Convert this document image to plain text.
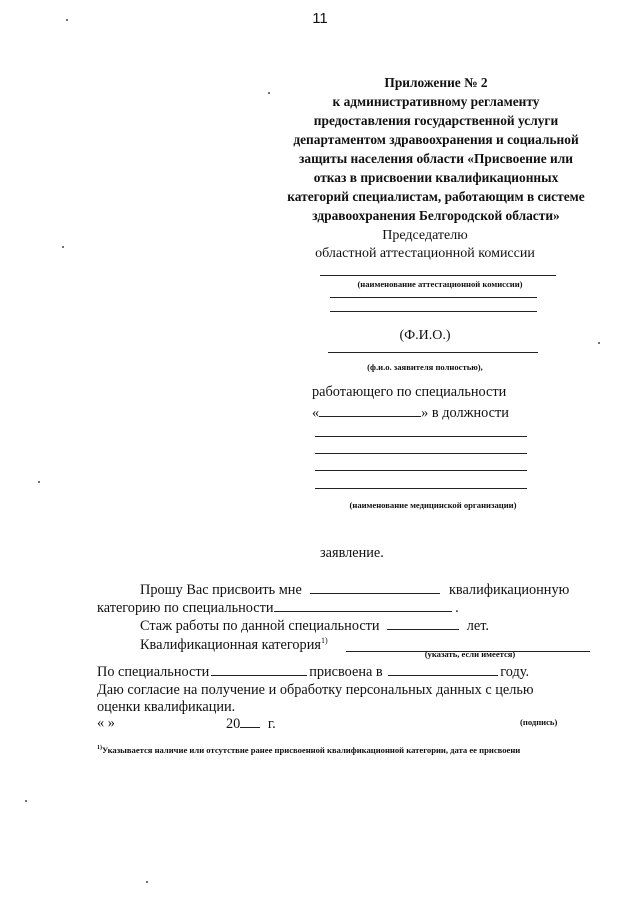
11
Приложение № 2
к административному регламенту
предоставления государственной услуги
департаментом здравоохранения и социальной
защиты населения области «Присвоение или
отказ в присвоении квалификационных
категорий специалистам, работающим в системе
здравоохранения Белгородской области»
Председателю
областной аттестационной комиссии
(наименование аттестационной комиссии)
(Ф.И.О.)
(ф.и.о. заявителя полностью),
работающего по специальности
«	» в должности
(наименование медицинской организации)
заявление.
Прошу Вас присвоить мне	квалификационную
категорию по специальности	.
Стаж работы по данной специальности	лет.
Квалификационная категория$^{1)}$
(указать, если имеется)
По специальности	присвоена в	году.
Даю согласие на получение и обработку персональных данных с целью
оценки квалификации.
« »	20 г.	(подпись)
$^{1)}$Указывается наличие или отсутствие ранее присвоенной квалификационной категории, дата ее присвоени
